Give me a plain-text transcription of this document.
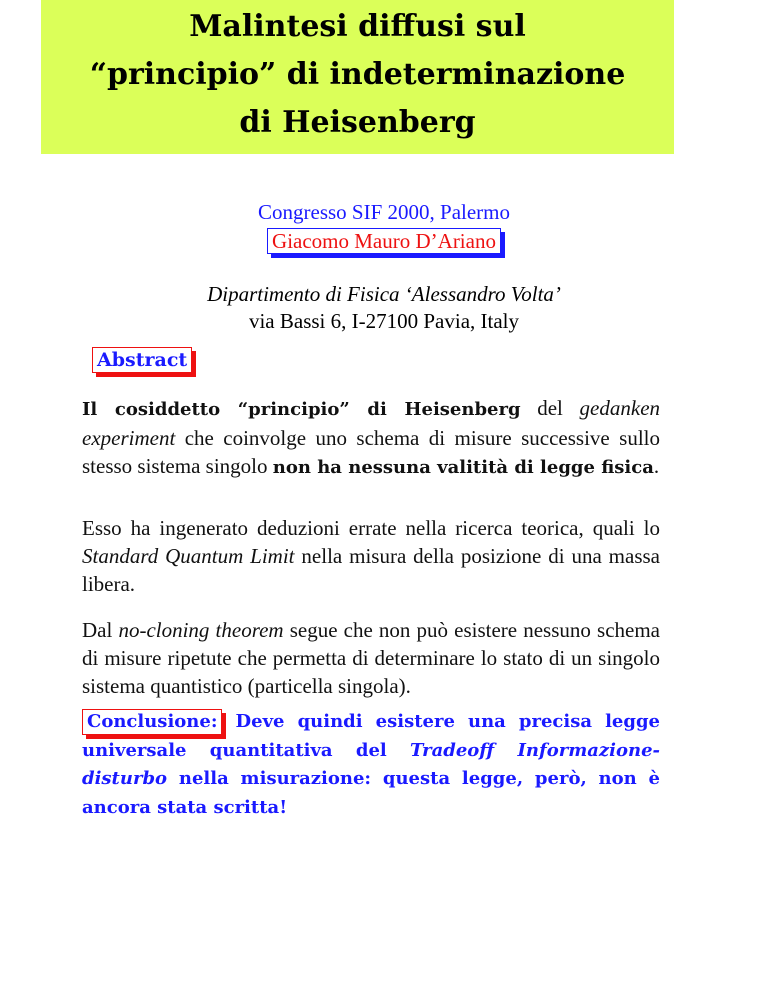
Malintesi diffusi sul
“principio” di indeterminazione
di Heisenberg
Congresso SIF 2000, Palermo
Giacomo Mauro D’Ariano
Dipartimento di Fisica ‘Alessandro Volta’
via Bassi 6, I-27100 Pavia, Italy
Abstract
Il cosiddetto “principio” di Heisenberg del gedanken experiment che coinvolge uno schema di misure successive sullo stesso sistema singolo non ha nessuna valitità di legge fisica.
Esso ha ingenerato deduzioni errate nella ricerca teorica, quali lo Standard Quantum Limit nella misura della posizione di una massa libera.
Dal no-cloning theorem segue che non può esistere nessuno schema di misure ripetute che permetta di determinare lo stato di un singolo sistema quantistico (particella singola).
Conclusione: Deve quindi esistere una precisa legge universale quantitativa del Tradeoff Informazione-disturbo nella misurazione: questa legge, però, non è ancora stata scritta!
